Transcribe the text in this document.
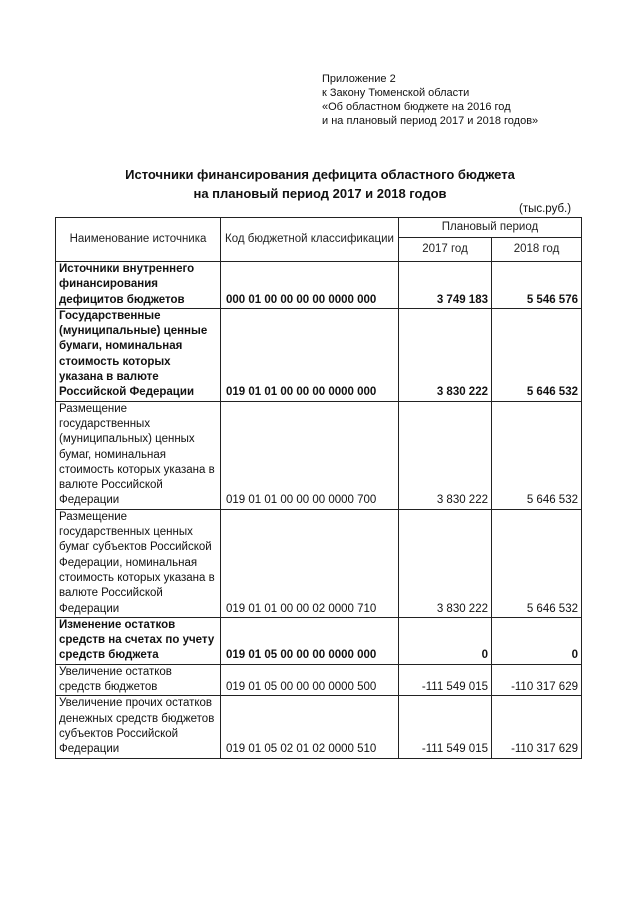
Приложение 2
к Закону Тюменской области
«Об областном бюджете на 2016 год
и на плановый период 2017 и 2018 годов»
Источники финансирования дефицита областного бюджета
на плановый период 2017 и 2018 годов
(тыс.руб.)
Наименование источника	Код бюджетной классификации	Плановый период	
		2017 год	2018 год
Источники внутреннего финансирования дефицитов бюджетов	000 01 00 00 00 00 0000 000	3 749 183	5 546 576
Государственные (муниципальные) ценные бумаги, номинальная стоимость которых указана в валюте Российской Федерации	019 01 01 00 00 00 0000 000	3 830 222	5 646 532
Размещение государственных (муниципальных) ценных бумаг, номинальная стоимость которых указана в валюте Российской Федерации	019 01 01 00 00 00 0000 700	3 830 222	5 646 532
Размещение государственных ценных бумаг субъектов Российской Федерации, номинальная стоимость которых указана в валюте Российской Федерации	019 01 01 00 00 02 0000 710	3 830 222	5 646 532
Изменение остатков средств на счетах по учету средств бюджета	019 01 05 00 00 00 0000 000	0	0
Увеличение остатков средств бюджетов	019 01 05 00 00 00 0000 500	-111 549 015	-110 317 629
Увеличение прочих остатков денежных средств бюджетов субъектов Российской Федерации	019 01 05 02 01 02 0000 510	-111 549 015	-110 317 629
